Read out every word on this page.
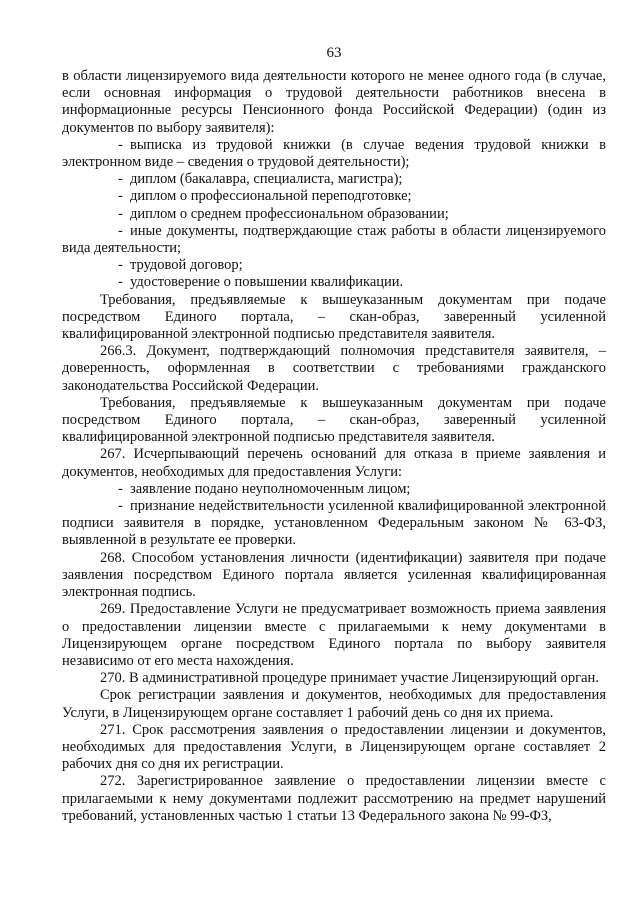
63

в области лицензируемого вида деятельности которого не менее одного года (в случае, если основная информация о трудовой деятельности работников внесена в информационные ресурсы Пенсионного фонда Российской Федерации) (один из документов по выбору заявителя):

- выписка из трудовой книжки (в случае ведения трудовой книжки в электронном виде – сведения о трудовой деятельности);

- диплом (бакалавра, специалиста, магистра);

- диплом о профессиональной переподготовке;

- диплом о среднем профессиональном образовании;

- иные документы, подтверждающие стаж работы в области лицензируемого вида деятельности;

- трудовой договор;

- удостоверение о повышении квалификации.

Требования, предъявляемые к вышеуказанным документам при подаче посредством Единого портала, – скан-образ, заверенный усиленной квалифицированной электронной подписью представителя заявителя.

266.3. Документ, подтверждающий полномочия представителя заявителя, – доверенность, оформленная в соответствии с требованиями гражданского законодательства Российской Федерации.

Требования, предъявляемые к вышеуказанным документам при подаче посредством Единого портала, – скан-образ, заверенный усиленной квалифицированной электронной подписью представителя заявителя.

267. Исчерпывающий перечень оснований для отказа в приеме заявления и документов, необходимых для предоставления Услуги:

- заявление подано неуполномоченным лицом;

- признание недействительности усиленной квалифицированной электронной подписи заявителя в порядке, установленном Федеральным законом № 63-ФЗ, выявленной в результате ее проверки.

268. Способом установления личности (идентификации) заявителя при подаче заявления посредством Единого портала является усиленная квалифицированная электронная подпись.

269. Предоставление Услуги не предусматривает возможность приема заявления о предоставлении лицензии вместе с прилагаемыми к нему документами в Лицензирующем органе посредством Единого портала по выбору заявителя независимо от его места нахождения.

270. В административной процедуре принимает участие Лицензирующий орган.

Срок регистрации заявления и документов, необходимых для предоставления Услуги, в Лицензирующем органе составляет 1 рабочий день со дня их приема.

271. Срок рассмотрения заявления о предоставлении лицензии и документов, необходимых для предоставления Услуги, в Лицензирующем органе составляет 2 рабочих дня со дня их регистрации.

272. Зарегистрированное заявление о предоставлении лицензии вместе с прилагаемыми к нему документами подлежит рассмотрению на предмет нарушений требований, установленных частью 1 статьи 13 Федерального закона № 99-ФЗ,
